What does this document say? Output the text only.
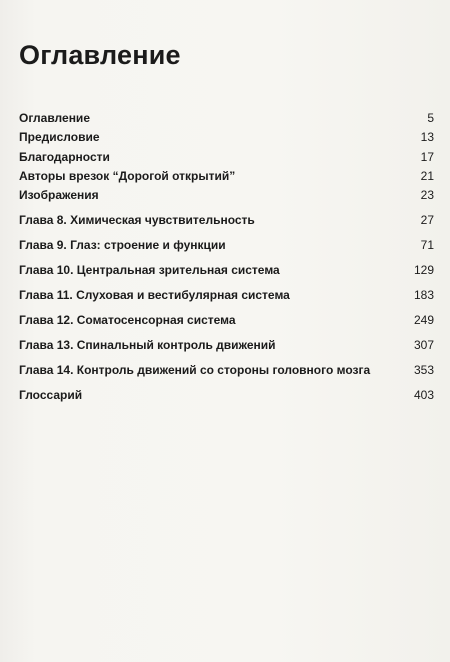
Оглавление
Оглавление	5
Предисловие	13
Благодарности	17
Авторы врезок “Дорогой открытий”	21
Изображения	23
Глава 8. Химическая чувствительность	27
Глава 9. Глаз: строение и функции	71
Глава 10. Центральная зрительная система	129
Глава 11. Слуховая и вестибулярная система	183
Глава 12. Соматосенсорная система	249
Глава 13. Спинальный контроль движений	307
Глава 14. Контроль движений со стороны головного мозга	353
Глоссарий	403
